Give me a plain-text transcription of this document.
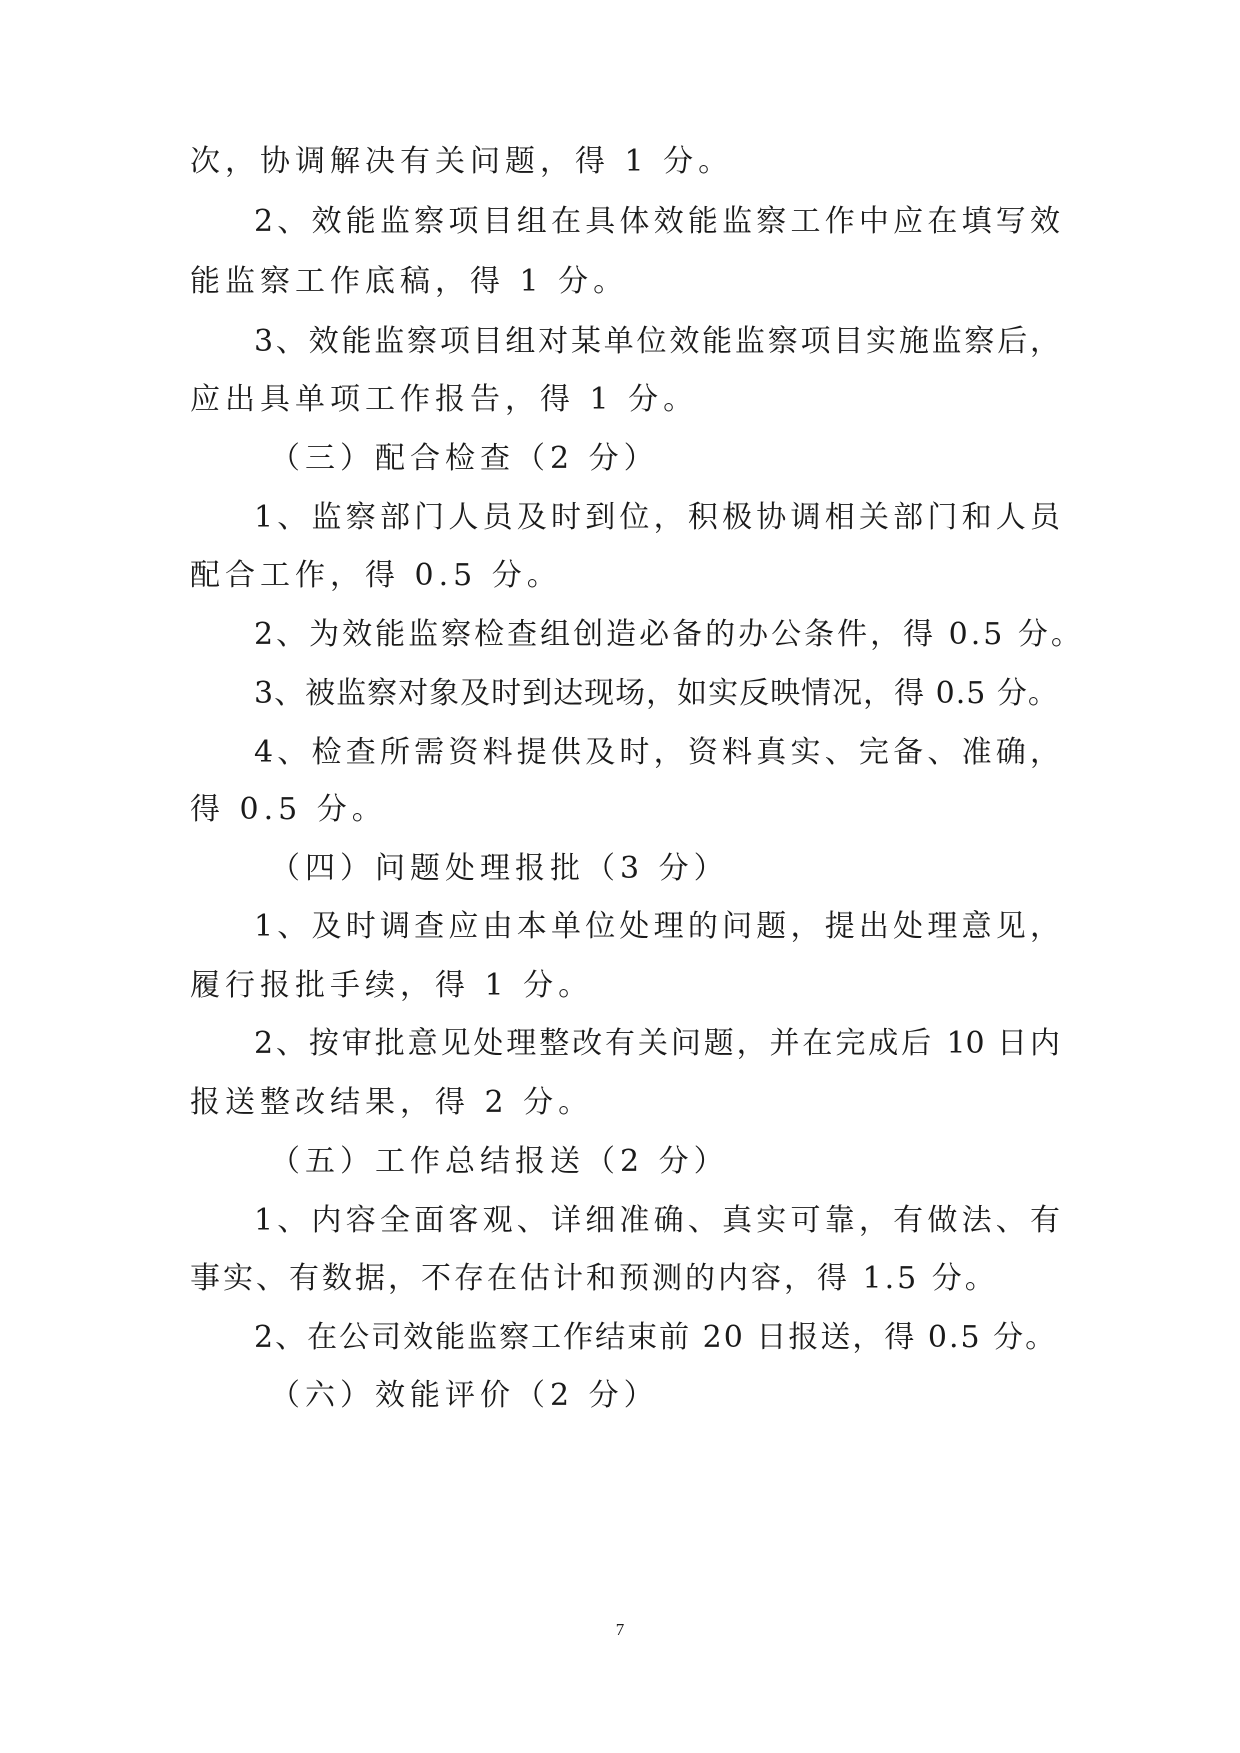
次，协调解决有关问题，得 1 分。
2、效能监察项目组在具体效能监察工作中应在填写效
能监察工作底稿，得 1 分。
3、效能监察项目组对某单位效能监察项目实施监察后，
应出具单项工作报告，得 1 分。
（三）配合检查（2 分）
1、监察部门人员及时到位，积极协调相关部门和人员
配合工作，得 0.5 分。
2、为效能监察检查组创造必备的办公条件，得 0.5 分。
3、被监察对象及时到达现场，如实反映情况，得 0.5 分。
4、检查所需资料提供及时，资料真实、完备、准确，
得 0.5 分。
（四）问题处理报批（3 分）
1、及时调查应由本单位处理的问题，提出处理意见，
履行报批手续，得 1 分。
2、按审批意见处理整改有关问题，并在完成后 10 日内
报送整改结果，得 2 分。
（五）工作总结报送（2 分）
1、内容全面客观、详细准确、真实可靠，有做法、有
事实、有数据，不存在估计和预测的内容，得 1.5 分。
2、在公司效能监察工作结束前 20 日报送，得 0.5 分。
（六）效能评价（2 分）
7
